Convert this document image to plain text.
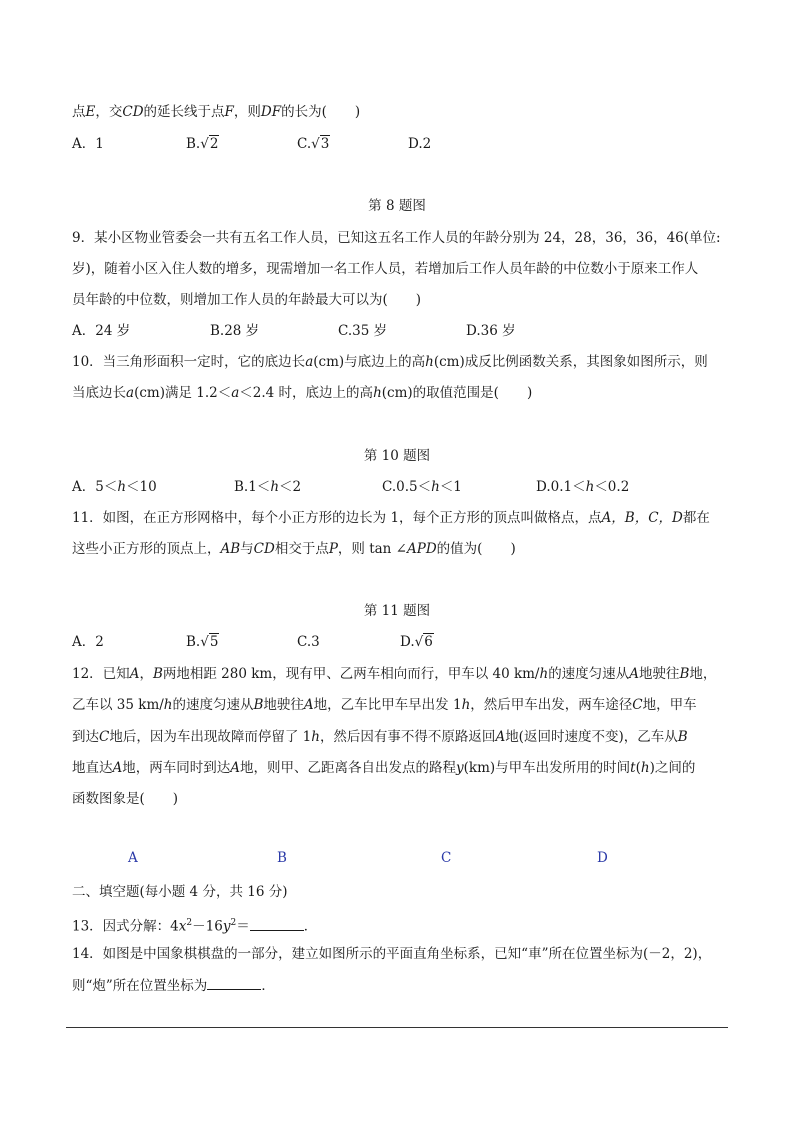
点E，交CD的延长线于点F，则DF的长为( )
A．1	B.√2	C.√3	D.2
第 8 题图
9．某小区物业管委会一共有五名工作人员，已知这五名工作人员的年龄分别为 24，28，36，36，46(单位:
岁)，随着小区入住人数的增多，现需增加一名工作人员，若增加后工作人员年龄的中位数小于原来工作人
员年龄的中位数，则增加工作人员的年龄最大可以为( )
A．24 岁	B.28 岁	C.35 岁	D.36 岁
10．当三角形面积一定时，它的底边长a(cm)与底边上的高h(cm)成反比例函数关系，其图象如图所示，则
当底边长a(cm)满足 1.2＜a＜2.4 时，底边上的高h(cm)的取值范围是( )
第 10 题图
A．5＜h＜10	B.1＜h＜2	C.0.5＜h＜1	D.0.1＜h＜0.2
11．如图，在正方形网格中，每个小正方形的边长为 1，每个正方形的顶点叫做格点，点A，B，C，D都在
这些小正方形的顶点上，AB与CD相交于点P，则 tan ∠APD的值为( )
第 11 题图
A．2	B.√5	C.3	D.√6
12．已知A，B两地相距 280 km，现有甲、乙两车相向而行，甲车以 40 km/h的速度匀速从A地驶往B地，
乙车以 35 km/h的速度匀速从B地驶往A地，乙车比甲车早出发 1h，然后甲车出发，两车途径C地，甲车
到达C地后，因为车出现故障而停留了 1h，然后因有事不得不原路返回A地(返回时速度不变)，乙车从B
地直达A地，两车同时到达A地，则甲、乙距离各自出发点的路程y(km)与甲车出发所用的时间t(h)之间的
函数图象是( )
A	B	C	D
二、填空题(每小题 4 分，共 16 分)
13．因式分解：$4x^2-16y^2=$	．
14．如图是中国象棋棋盘的一部分，建立如图所示的平面直角坐标系，已知“車”所在位置坐标为(－2，2)，
则“炮”所在位置坐标为	．
